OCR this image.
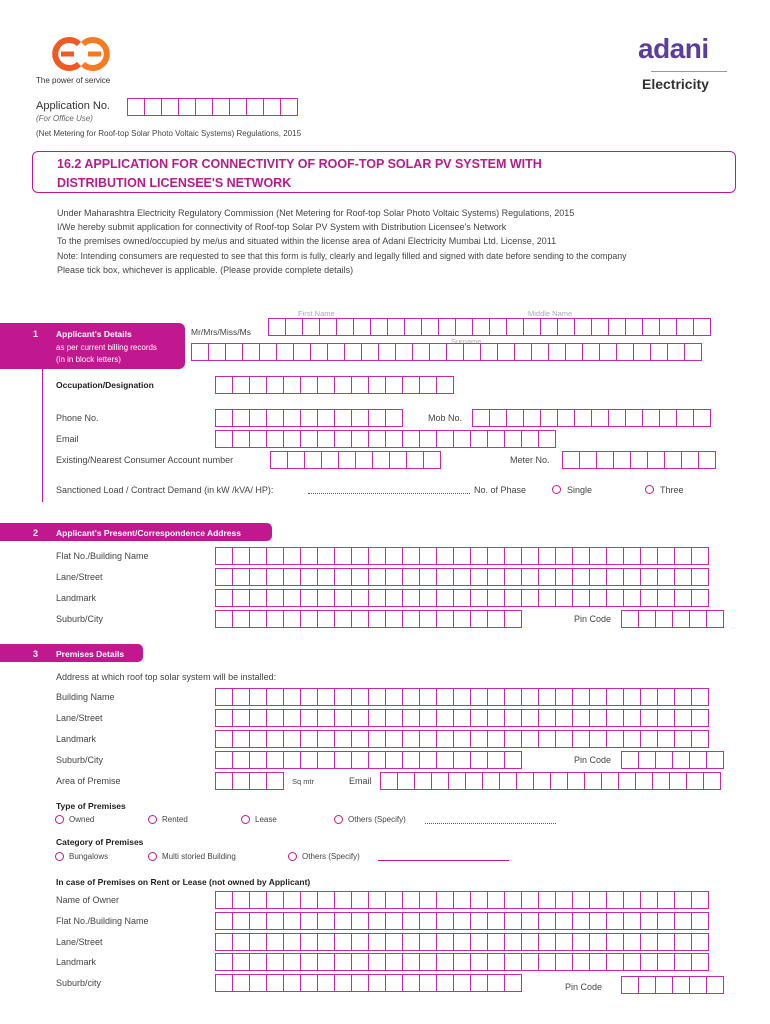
The power of service
adani
Electricity
Application No.
(For Office Use)
(Net Metering for Roof-top Solar Photo Voltaic Systems) Regulations, 2015
16.2 APPLICATION FOR CONNECTIVITY OF ROOF-TOP SOLAR PV SYSTEM WITH
DISTRIBUTION LICENSEE'S NETWORK
Under Maharashtra Electricity Regulatory Commission (Net Metering for Roof-top Solar Photo Voltaic Systems) Regulations, 2015
I/We hereby submit application for connectivity of Roof-top Solar PV System with Distribution Licensee's Network
To the premises owned/occupied by me/us and situated within the license area of Adani Electricity Mumbai Ltd. License, 2011
Note: Intending consumers are requested to see that this form is fully, clearly and legally filled and signed with date before sending to the company
Please tick box, whichever is applicable. (Please provide complete details)
First Name	Middle Name
1 Applicant's Details
as per current billing records
(in in block letters)
Mr/Mrs/Miss/Ms
Surname
Occupation/Designation
Phone No.	Mob No.
Email
Existing/Nearest Consumer Account number	Meter No.
Sanctioned Load / Contract Demand (in kW /kVA/ HP):	No. of Phase	Single	Three
2 Applicant's Present/Correspondence Address
Flat No./Building Name
Lane/Street
Landmark
Suburb/City	Pin Code
3 Premises Details
Address at which roof top solar system will be installed:
Building Name
Lane/Street
Landmark
Suburb/City	Pin Code
Area of Premise	Sq mtr	Email
Type of Premises
Owned	Rented	Lease	Others (Specify)
Category of Premises
Bungalows	Multi storied Building	Others (Specify)
In case of Premises on Rent or Lease (not owned by Applicant)
Name of Owner
Flat No./Building Name
Lane/Street
Landmark
Suburb/city	Pin Code
